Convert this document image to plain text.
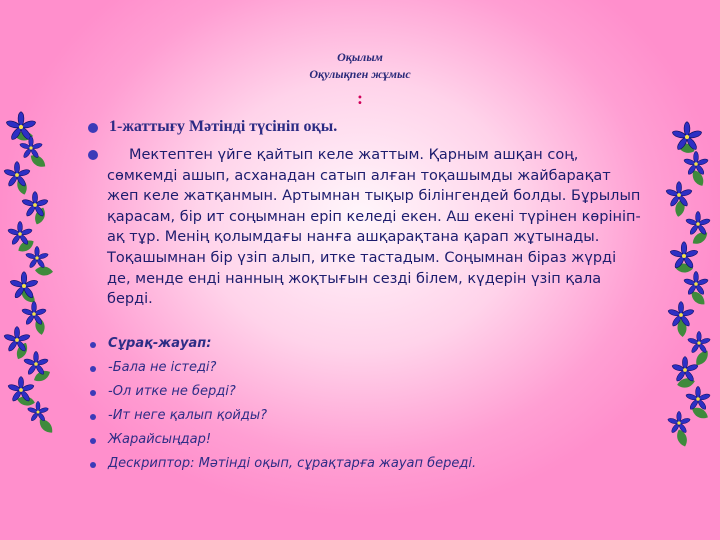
Оқылым
Оқулықпен жұмыс
:
1-жаттығу Мәтінді түсініп оқы.
Мектептен үйге қайтып келе жаттым. Қарным ашқан соң, сөмкемді ашып, асханадан сатып алған тоқашымды жайбарақат жеп келе жатқанмын. Артымнан тықыр білінгендей болды. Бұрылып қарасам, бір ит соңымнан еріп келеді екен. Аш екені түрінен көрініп-ақ тұр. Менің қолымдағы нанға ашқарақтана қарап жұтынады. Тоқашымнан бір үзіп алып, итке тастадым. Соңымнан біраз жүрді де, менде енді нанның жоқтығын сезді білем, күдерін үзіп қала берді.
Сұрақ-жауап:
-Бала не істеді?
-Ол итке не берді?
-Ит неге қалып қойды?
Жарайсыңдар!
Дескриптор: Мәтінді оқып, сұрақтарға жауап береді.
